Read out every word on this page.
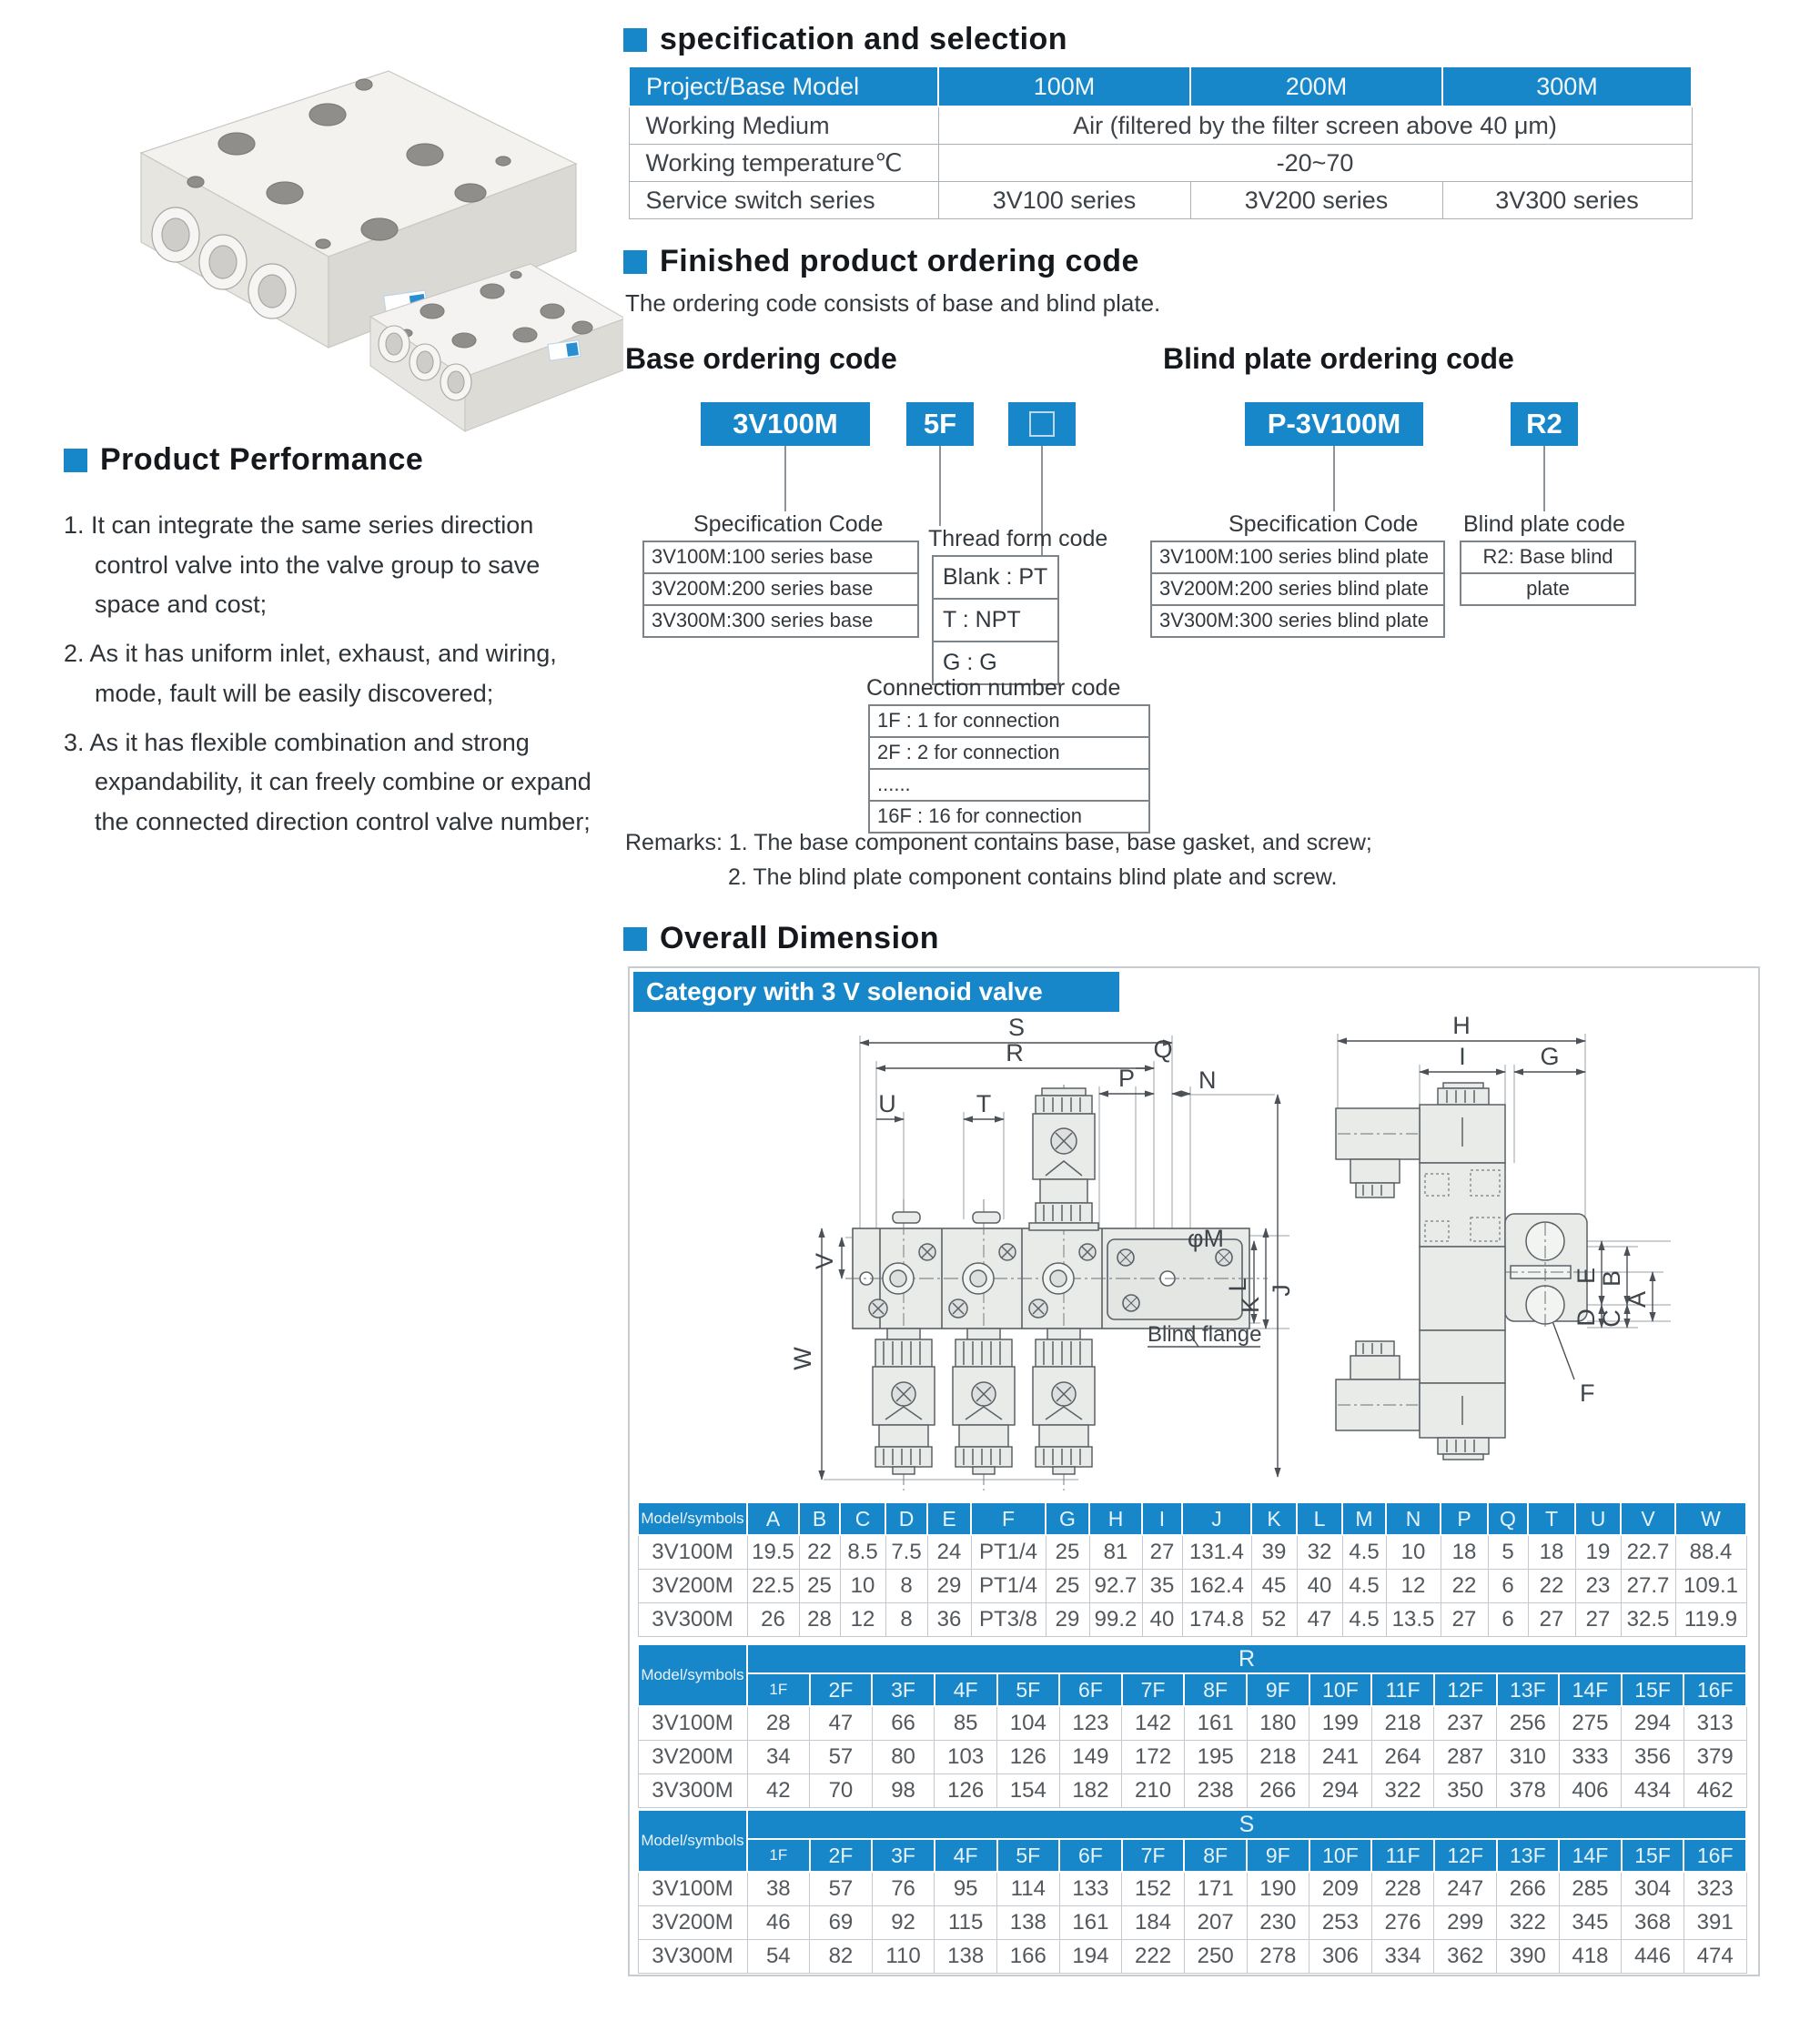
specification and selection
Project/Base Model	100M	200M	300M
Working Medium	Air (filtered by the filter screen above 40 μm)		
Working temperature℃	-20~70		
Service switch series	3V100 series	3V200 series	3V300 series
Finished product ordering code
The ordering code consists of base and blind plate.
Base ordering code	Blind plate ordering code
3V100M	5F	P-3V100M	R2
Specification Code
3V100M:100 series base
3V200M:200 series base
3V300M:300 series base
Thread form code
Blank : PT
T : NPT
G : G
Specification Code
3V100M:100 series blind plate
3V200M:200 series blind plate
3V300M:300 series blind plate
Blind plate code
R2: Base blind
plate
Connection number code
1F : 1 for connection
2F : 2 for connection
......
16F : 16 for connection
Remarks: 1. The base component contains base, base gasket, and screw;
2. The blind plate component contains blind plate and screw.
Product Performance
1. It can integrate the same series direction control valve into the valve group to save space and cost;
2. As it has uniform inlet, exhaust, and wiring, mode, fault will be easily discovered;
3. As it has flexible combination and strong expandability, it can freely combine or expand the connected direction control valve number;
Overall Dimension
Category with 3 V solenoid valve
S
R	Q
P	N
U	T
V
W
φM
L
K
J
Blind flange
H
I	G
E
B
A
D
C
F
Model/symbols	A	B	C	D	E	F	G	H	I	J	K	L	M	N	P	Q	T	U	V	W
3V100M	19.5	22	8.5	7.5	24	PT1/4	25	81	27	131.4	39	32	4.5	10	18	5	18	19	22.7	88.4
3V200M	22.5	25	10	8	29	PT1/4	25	92.7	35	162.4	45	40	4.5	12	22	6	22	23	27.7	109.1
3V300M	26	28	12	8	36	PT3/8	29	99.2	40	174.8	52	47	4.5	13.5	27	6	27	27	32.5	119.9
Model/symbols	R															
	1F	2F	3F	4F	5F	6F	7F	8F	9F	10F	11F	12F	13F	14F	15F	16F
3V100M	28	47	66	85	104	123	142	161	180	199	218	237	256	275	294	313
3V200M	34	57	80	103	126	149	172	195	218	241	264	287	310	333	356	379
3V300M	42	70	98	126	154	182	210	238	266	294	322	350	378	406	434	462
Model/symbols	S															
	1F	2F	3F	4F	5F	6F	7F	8F	9F	10F	11F	12F	13F	14F	15F	16F
3V100M	38	57	76	95	114	133	152	171	190	209	228	247	266	285	304	323
3V200M	46	69	92	115	138	161	184	207	230	253	276	299	322	345	368	391
3V300M	54	82	110	138	166	194	222	250	278	306	334	362	390	418	446	474
